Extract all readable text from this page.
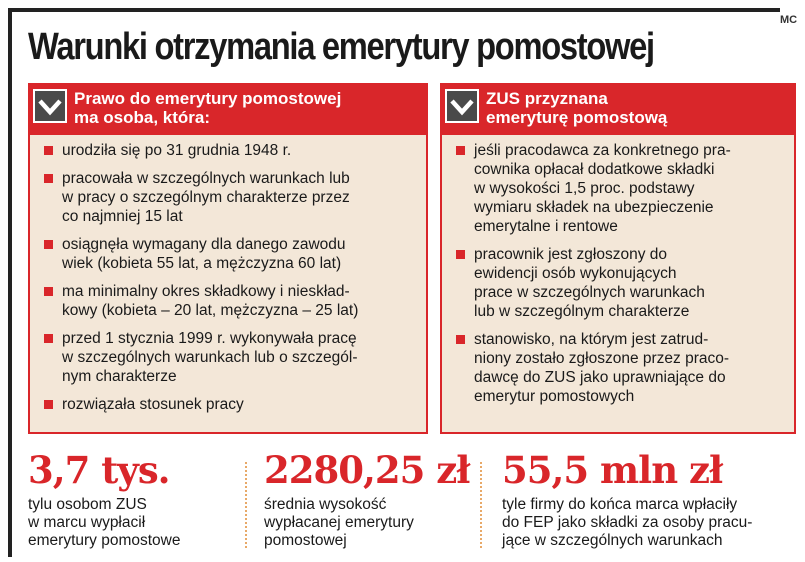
MC
Warunki otrzymania emerytury pomostowej
Prawo do emerytury pomostowej
ma osoba, która:
urodziła się po 31 grudnia 1948 r.
pracowała w szczególnych warunkach lub
w pracy o szczególnym charakterze przez
co najmniej 15 lat
osiągnęła wymagany dla danego zawodu
wiek (kobieta 55 lat, a mężczyzna 60 lat)
ma minimalny okres składkowy i nieskład-
kowy (kobieta – 20 lat, mężczyzna – 25 lat)
przed 1 stycznia 1999 r. wykonywała pracę
w szczególnych warunkach lub o szczegól-
nym charakterze
rozwiązała stosunek pracy
ZUS przyznana
emeryturę pomostową
jeśli pracodawca za konkretnego pra-
cownika opłacał dodatkowe składki
w wysokości 1,5 proc. podstawy
wymiaru składek na ubezpieczenie
emerytalne i rentowe
pracownik jest zgłoszony do
ewidencji osób wykonujących
prace w szczególnych warunkach
lub w szczególnym charakterze
stanowisko, na którym jest zatrud-
niony zostało zgłoszone przez praco-
dawcę do ZUS jako uprawniające do
emerytur pomostowych
3,7 tys.
tylu osobom ZUS
w marcu wypłacił
emerytury pomostowe
2280,25 zł
średnia wysokość
wypłacanej emerytury
pomostowej
55,5 mln zł
tyle firmy do końca marca wpłaciły
do FEP jako składki za osoby pracu-
jące w szczególnych warunkach
